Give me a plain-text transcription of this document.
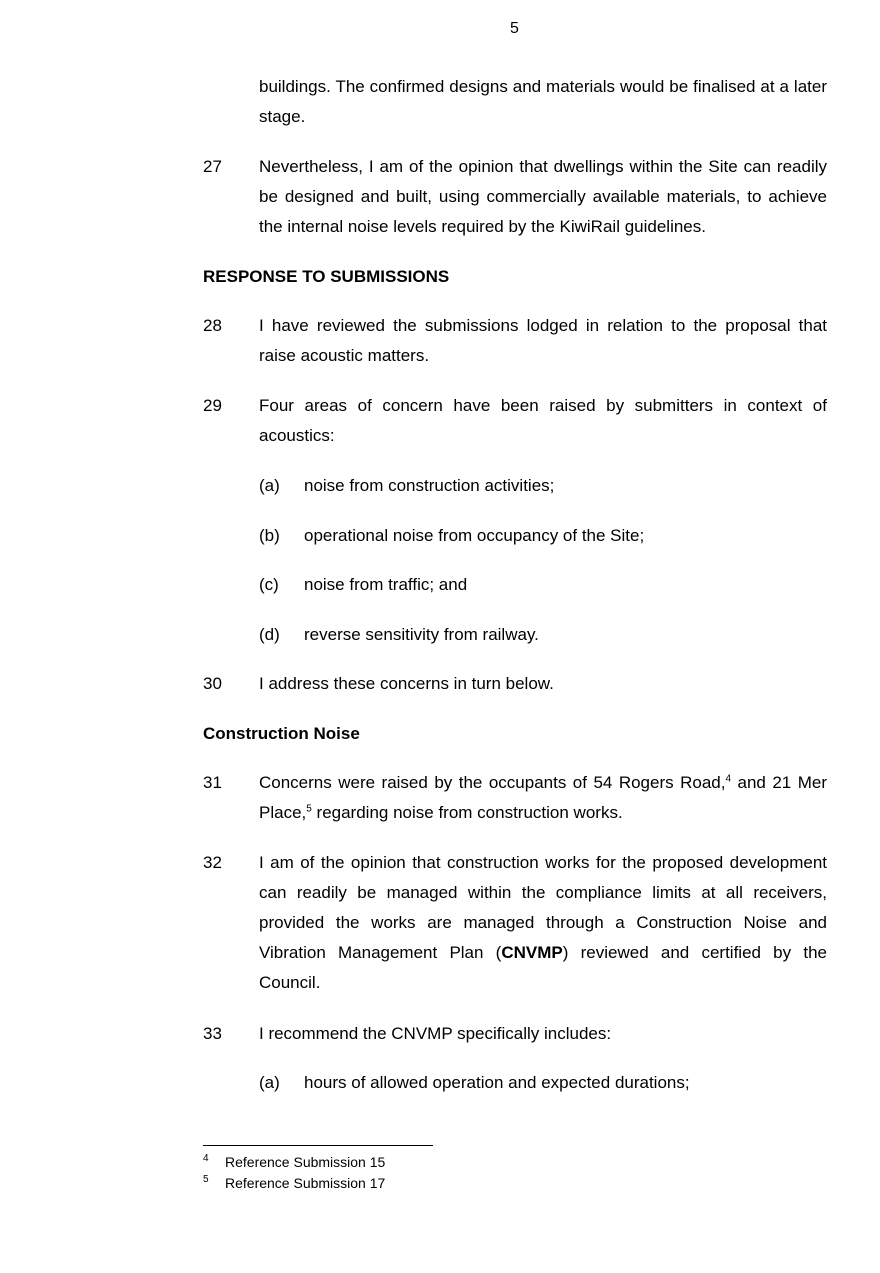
5
buildings. The confirmed designs and materials would be finalised at a later stage.
27	Nevertheless, I am of the opinion that dwellings within the Site can readily be designed and built, using commercially available materials, to achieve the internal noise levels required by the KiwiRail guidelines.
RESPONSE TO SUBMISSIONS
28	I have reviewed the submissions lodged in relation to the proposal that raise acoustic matters.
29	Four areas of concern have been raised by submitters in context of acoustics:
(a) noise from construction activities;
(b) operational noise from occupancy of the Site;
(c) noise from traffic; and
(d) reverse sensitivity from railway.
30	I address these concerns in turn below.
Construction Noise
31	Concerns were raised by the occupants of 54 Rogers Road,$^4$ and 21 Mer Place,$^5$ regarding noise from construction works.
32	I am of the opinion that construction works for the proposed development can readily be managed within the compliance limits at all receivers, provided the works are managed through a Construction Noise and Vibration Management Plan (CNVMP) reviewed and certified by the Council.
33	I recommend the CNVMP specifically includes:
(a) hours of allowed operation and expected durations;
4 Reference Submission 15
5 Reference Submission 17
